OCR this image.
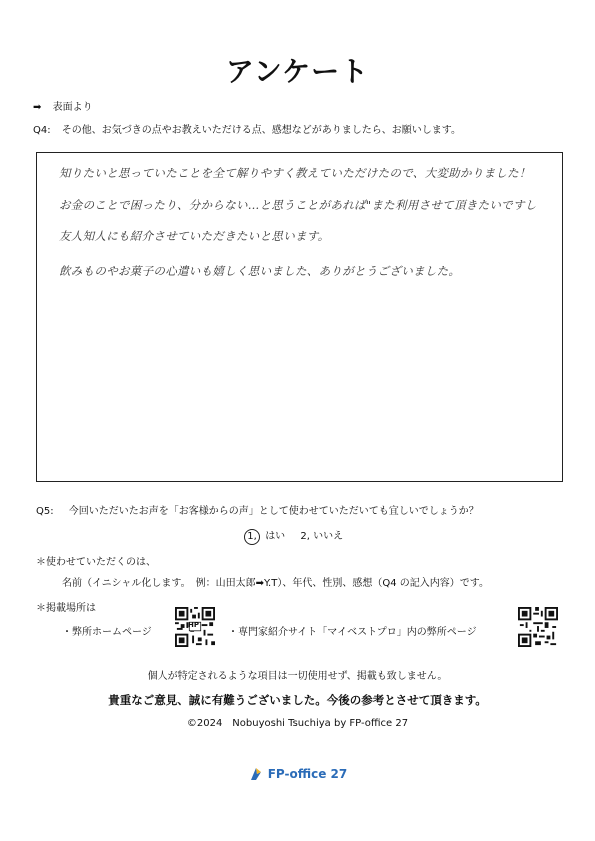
アンケート
➡ 表面より
Q4: その他、お気づきの点やお教えいただける点、感想などがありましたら、お願いします。
知りたいと思っていたことを全て解りやすく教えていただけたので、大変助かりました！
お金のことで困ったり、分からない…と思うことがあれば"また利用させて頂きたいですし
友人知人にも紹介させていただきたいと思います。
飲みものやお菓子の心遣いも嬉しく思いました、ありがとうございました。
Q5: 今回いただいたお声を「お客様からの声」として使わせていただいても宜しいでしょうか？
1, はい 2, いいえ
＊使わせていただくのは、
名前（イニシャル化します。　例：山田太郎➡Y.T）、年代、性別、感想（Q4 の記入内容）です。
＊掲載場所は
・弊所ホームページ
HP
・専門家紹介サイト「マイベストプロ」内の弊所ページ
個人が特定されるような項目は一切使用せず、掲載も致しません。
貴重なご意見、誠に有難うございました。今後の参考とさせて頂きます。
©2024　Nobuyoshi Tsuchiya by FP-office 27
FP-office 27
